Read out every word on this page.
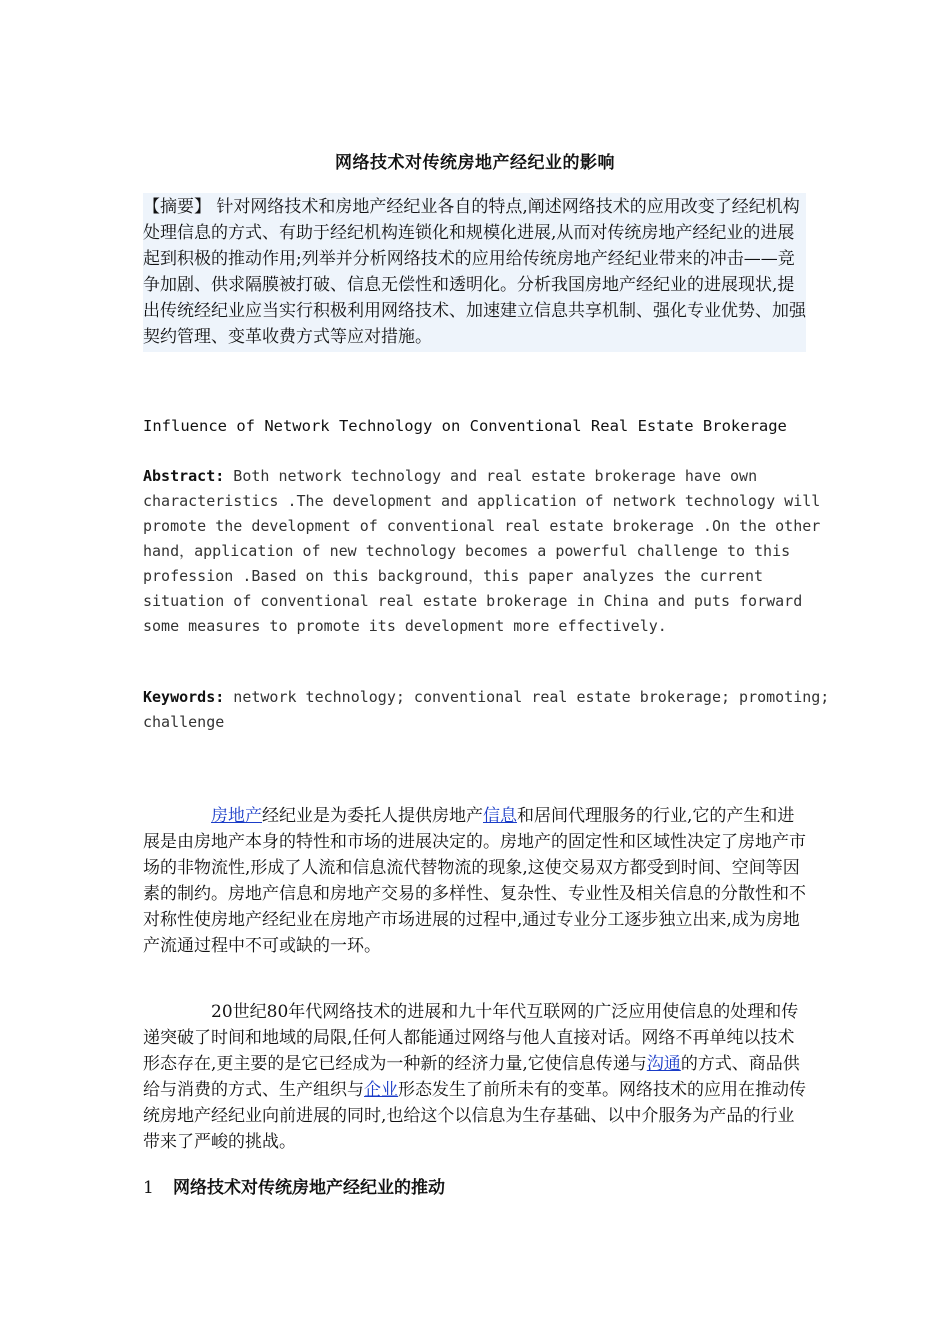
网络技术对传统房地产经纪业的影响
【摘要】 针对网络技术和房地产经纪业各自的特点,阐述网络技术的应用改变了经纪机构处理信息的方式、有助于经纪机构连锁化和规模化进展,从而对传统房地产经纪业的进展起到积极的推动作用;列举并分析网络技术的应用给传统房地产经纪业带来的冲击——竞争加剧、供求隔膜被打破、信息无偿性和透明化。分析我国房地产经纪业的进展现状,提出传统经纪业应当实行积极利用网络技术、加速建立信息共享机制、强化专业优势、加强契约管理、变革收费方式等应对措施。
Influence of Network Technology on Conventional Real Estate Brokerage
Abstract: Both network technology and real estate brokerage have own characteristics .The development and application of network technology will promote the development of conventional real estate brokerage .On the other hand，application of new technology becomes a powerful challenge to this profession .Based on this background，this paper analyzes the current situation of conventional real estate brokerage in China and puts forward some measures to promote its development more effectively.
Keywords: network technology; conventional real estate brokerage; promoting; challenge
房地产经纪业是为委托人提供房地产信息和居间代理服务的行业,它的产生和进展是由房地产本身的特性和市场的进展决定的。房地产的固定性和区域性决定了房地产市场的非物流性,形成了人流和信息流代替物流的现象,这使交易双方都受到时间、空间等因素的制约。房地产信息和房地产交易的多样性、复杂性、专业性及相关信息的分散性和不对称性使房地产经纪业在房地产市场进展的过程中,通过专业分工逐步独立出来,成为房地产流通过程中不可或缺的一环。
20世纪80年代网络技术的进展和九十年代互联网的广泛应用使信息的处理和传递突破了时间和地域的局限,任何人都能通过网络与他人直接对话。网络不再单纯以技术形态存在,更主要的是它已经成为一种新的经济力量,它使信息传递与沟通的方式、商品供给与消费的方式、生产组织与企业形态发生了前所未有的变革。网络技术的应用在推动传统房地产经纪业向前进展的同时,也给这个以信息为生存基础、以中介服务为产品的行业带来了严峻的挑战。
1 网络技术对传统房地产经纪业的推动
